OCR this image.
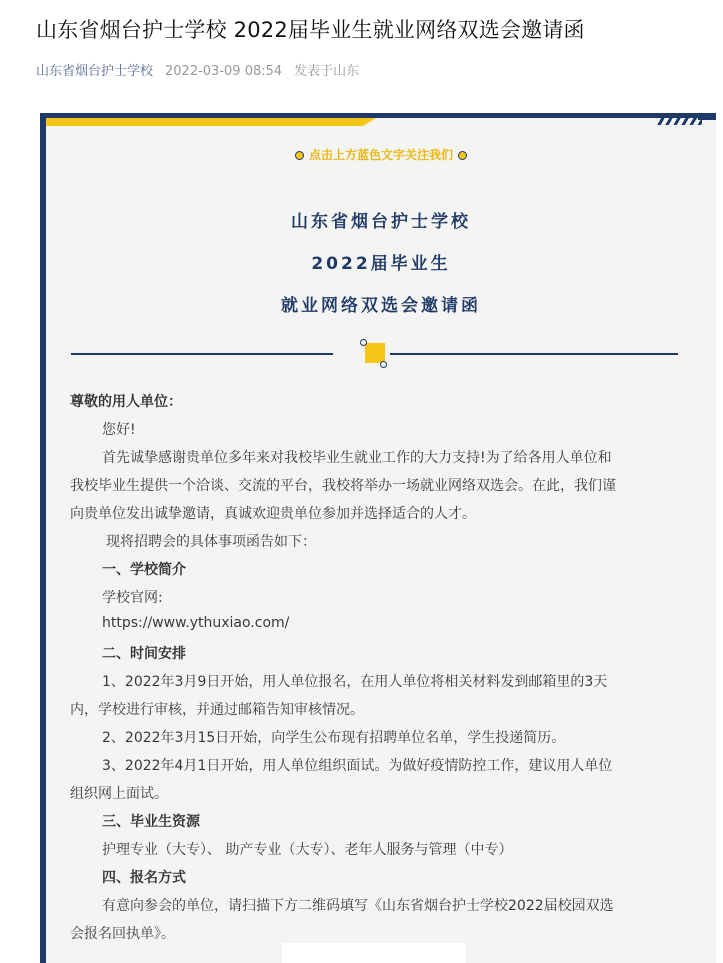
山东省烟台护士学校 2022届毕业生就业网络双选会邀请函
山东省烟台护士学校 2022-03-09 08:54 发表于山东
点击上方蓝色文字关注我们
山东省烟台护士学校
2022届毕业生
就业网络双选会邀请函
尊敬的用人单位：
您好!
首先诚挚感谢贵单位多年来对我校毕业生就业工作的大力支持!为了给各用人单位和
我校毕业生提供一个洽谈、交流的平台，我校将举办一场就业网络双选会。在此，我们谨
向贵单位发出诚挚邀请，真诚欢迎贵单位参加并选择适合的人才。
现将招聘会的具体事项函告如下：
一、学校简介
学校官网:
https://www.ythuxiao.com/
二、时间安排
1、2022年3月9日开始，用人单位报名，在用人单位将相关材料发到邮箱里的3天
内，学校进行审核，并通过邮箱告知审核情况。
2、2022年3月15日开始，向学生公布现有招聘单位名单，学生投递简历。
3、2022年4月1日开始，用人单位组织面试。为做好疫情防控工作，建议用人单位
组织网上面试。
三、毕业生资源
护理专业（大专）、 助产专业（大专）、老年人服务与管理（中专）
四、报名方式
有意向参会的单位，请扫描下方二维码填写《山东省烟台护士学校2022届校园双选
会报名回执单》。
